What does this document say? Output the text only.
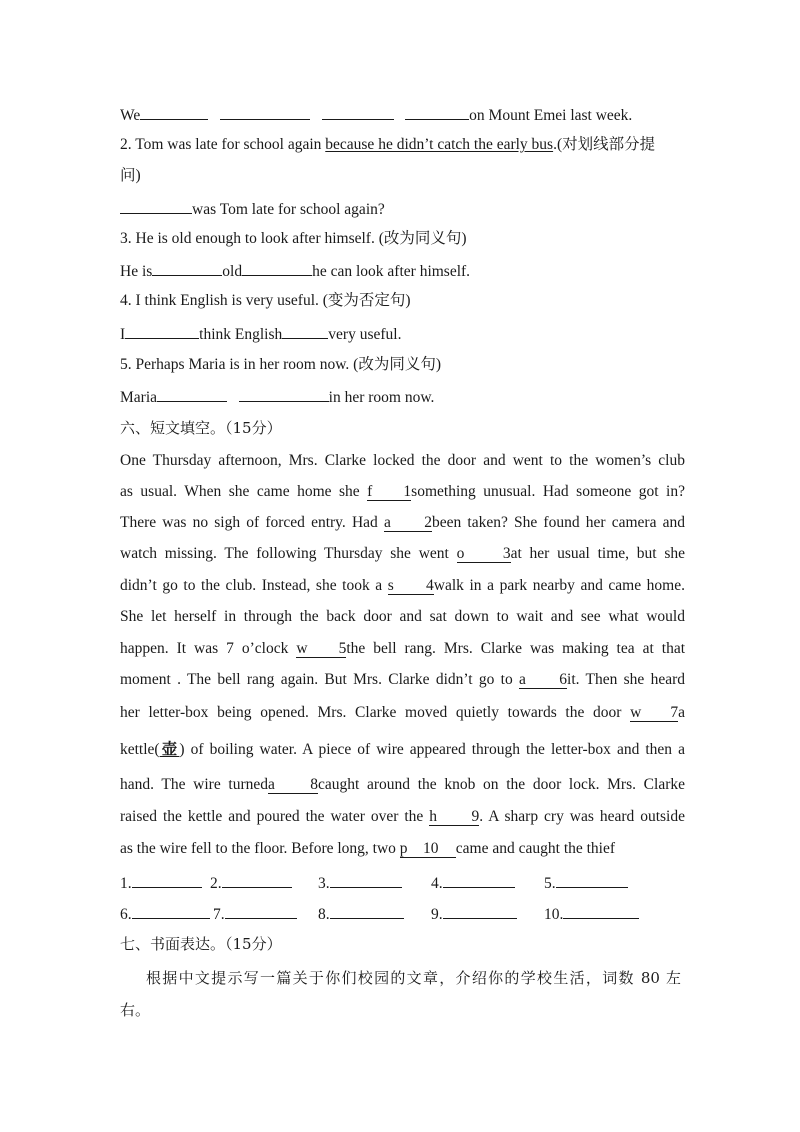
We	on Mount Emei last week.
2. Tom was late for school again because he didn’t catch the early bus.(对划线部分提
问)
was Tom late for school again?
3. He is old enough to look after himself. (改为同义句)
He is	old	he can look after himself.
4. I think English is very useful. (变为否定句)
I	think English	very useful.
5. Perhaps Maria is in her room now. (改为同义句)
Maria	in her room now.
六、短文填空。（15分）
One Thursday afternoon, Mrs. Clarke locked the door and went to the women’s club
as usual. When she came home she f    1something unusual. Had someone got in?
There was no sigh of forced entry. Had a    2been taken? She found her camera and
watch missing. The following Thursday she went o    3at her usual time, but she
didn’t go to the club. Instead, she took a s    4walk in a park nearby and came home.
She let herself in through the back door and sat down to wait and see what would
happen. It was 7 o’clock w    5the bell rang. Mrs. Clarke was making tea at that
moment . The bell rang again. But Mrs. Clarke didn’t go to a    6it. Then she heard
her letter-box being opened. Mrs. Clarke moved quietly towards the door w    7a
kettle(壶) of boiling water. A piece of wire appeared through the letter-box and then a
hand. The wire turneda    8caught around the knob on the door lock. Mrs. Clarke
raised the kettle and poured the water over the h    9. A sharp cry was heard outside
as the wire fell to the floor. Before long, two p    10 came and caught the thief
1.	2.	3.	4.	5.
6.	7.	8.	9.	10.
七、书面表达。（15分）
根据中文提示写一篇关于你们校园的文章，介绍你的学校生活，词数 80 左
右。
